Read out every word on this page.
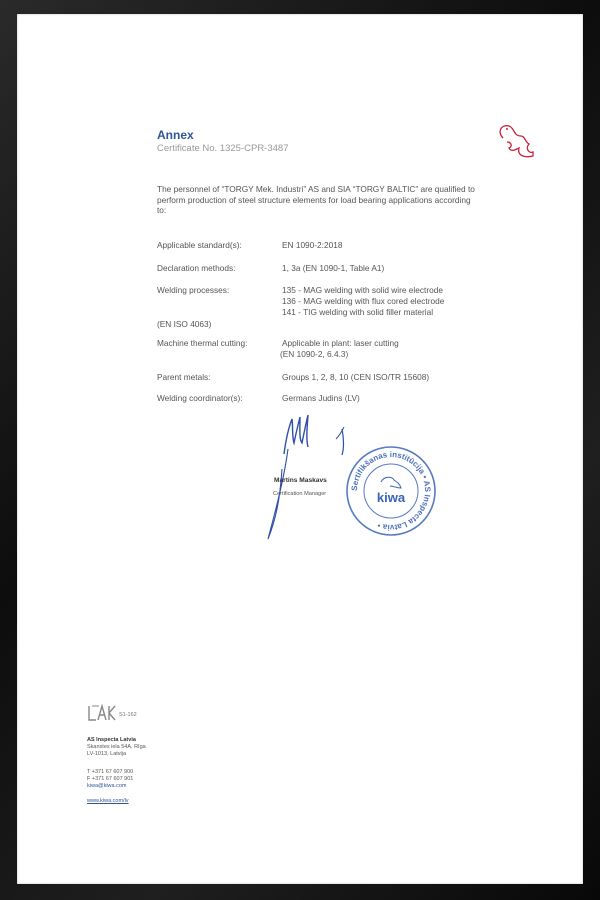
Annex
Certificate No. 1325-CPR-3487
The personnel of “TORGY Mek. Industri” AS and SIA “TORGY BALTIC” are qualified to perform production of steel structure elements for load bearing applications according to:
Applicable standard(s):	EN 1090-2:2018
Declaration methods:	1, 3a (EN 1090-1, Table A1)
Welding processes:	135 - MAG welding with solid wire electrode
136 - MAG welding with flux cored electrode
141 - TIG welding with solid filler material
(EN ISO 4063)
Machine thermal cutting:	Applicable in plant: laser cutting
(EN 1090-2, 6.4.3)
Parent metals:	Groups 1, 2, 8, 10 (CEN ISO/TR 15608)
Welding coordinator(s):	Germans Judins (LV)
Martins Maskavs
Certification Manager
Sertifikšanas institūcija • AS Inspecta Latvia •
kiwa
S1-162
AS Inspecta Latvia
Skanstes iela 54A, Rīga
LV-1013, Latvija
T +371 67 607 900
F +371 67 607 901
kiwa@kiwa.com
www.kiwa.com/lv
